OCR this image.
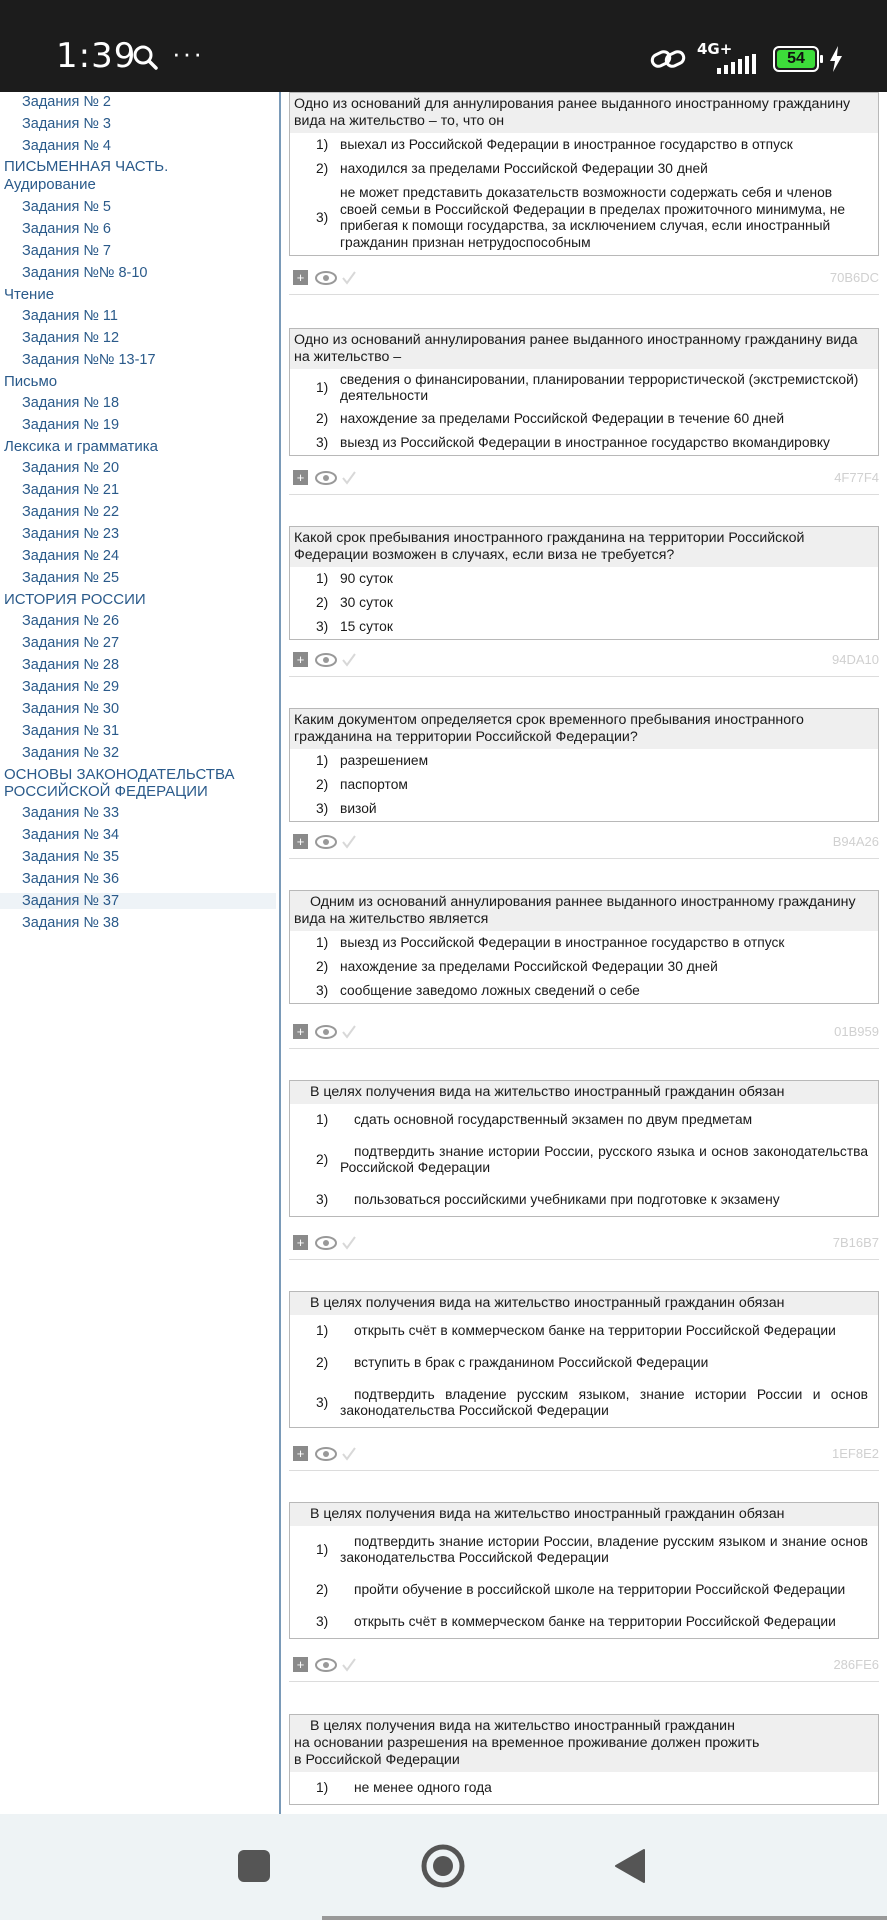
1:39 ···	4G+
54
Задания № 2
Задания № 3
Задания № 4
ПИСЬМЕННАЯ ЧАСТЬ.
Аудирование
Задания № 5
Задания № 6
Задания № 7
Задания №№ 8-10
Чтение
Задания № 11
Задания № 12
Задания №№ 13-17
Письмо
Задания № 18
Задания № 19
Лексика и грамматика
Задания № 20
Задания № 21
Задания № 22
Задания № 23
Задания № 24
Задания № 25
ИСТОРИЯ РОССИИ
Задания № 26
Задания № 27
Задания № 28
Задания № 29
Задания № 30
Задания № 31
Задания № 32
ОСНОВЫ ЗАКОНОДАТЕЛЬСТВА
РОССИЙСКОЙ ФЕДЕРАЦИИ
Задания № 33
Задания № 34
Задания № 35
Задания № 36
Задания № 37
Задания № 38
Одно из оснований для аннулирования ранее выданного иностранному гражданину вида на жительство – то, что он
1) выехал из Российской Федерации в иностранное государство в отпуск
2) находился за пределами Российской Федерации 30 дней
3)
не может представить доказательств возможности содержать себя и членов своей семьи в Российской Федерации в пределах прожиточного минимума, не прибегая к помощи государства, за исключением случая, если иностранный гражданин признан нетрудоспособным
+	70B6DC
Одно из оснований аннулирования ранее выданного иностранному гражданину вида на жительство –
1)
сведения о финансировании, планировании террористической (экстремистской) деятельности
2) нахождение за пределами Российской Федерации в течение 60 дней
3) выезд из Российской Федерации в иностранное государство вкомандировку
+	4F77F4
Какой срок пребывания иностранного гражданина на территории Российской Федерации возможен в случаях, если виза не требуется?
1) 90 суток
2) 30 суток
3) 15 суток
+	94DA10
Каким документом определяется срок временного пребывания иностранного гражданина на территории Российской Федерации?
1) разрешением
2) паспортом
3) визой
+	B94A26
Одним из оснований аннулирования раннее выданного иностранному гражданину вида на жительство является
1) выезд из Российской Федерации в иностранное государство в отпуск
2) нахождение за пределами Российской Федерации 30 дней
3) сообщение заведомо ложных сведений о себе
+	01B959
В целях получения вида на жительство иностранный гражданин обязан
1)	сдать основной государственный экзамен по двум предметам
2)
подтвердить знание истории России, русского языка и основ законодательства Российской Федерации
3)	пользоваться российскими учебниками при подготовке к экзамену
+	7B16B7
В целях получения вида на жительство иностранный гражданин обязан
1)	открыть счёт в коммерческом банке на территории Российской Федерации
2)	вступить в брак с гражданином Российской Федерации
3)
подтвердить владение русским языком, знание истории России и основ законодательства Российской Федерации
+	1EF8E2
В целях получения вида на жительство иностранный гражданин обязан
1)
подтвердить знание истории России, владение русским языком и знание основ законодательства Российской Федерации
2)	пройти обучение в российской школе на территории Российской Федерации
3)	открыть счёт в коммерческом банке на территории Российской Федерации
+	286FE6
В целях получения вида на жительство иностранный гражданин
на основании разрешения на временное проживание должен прожить
в Российской Федерации
1)	не менее одного года
